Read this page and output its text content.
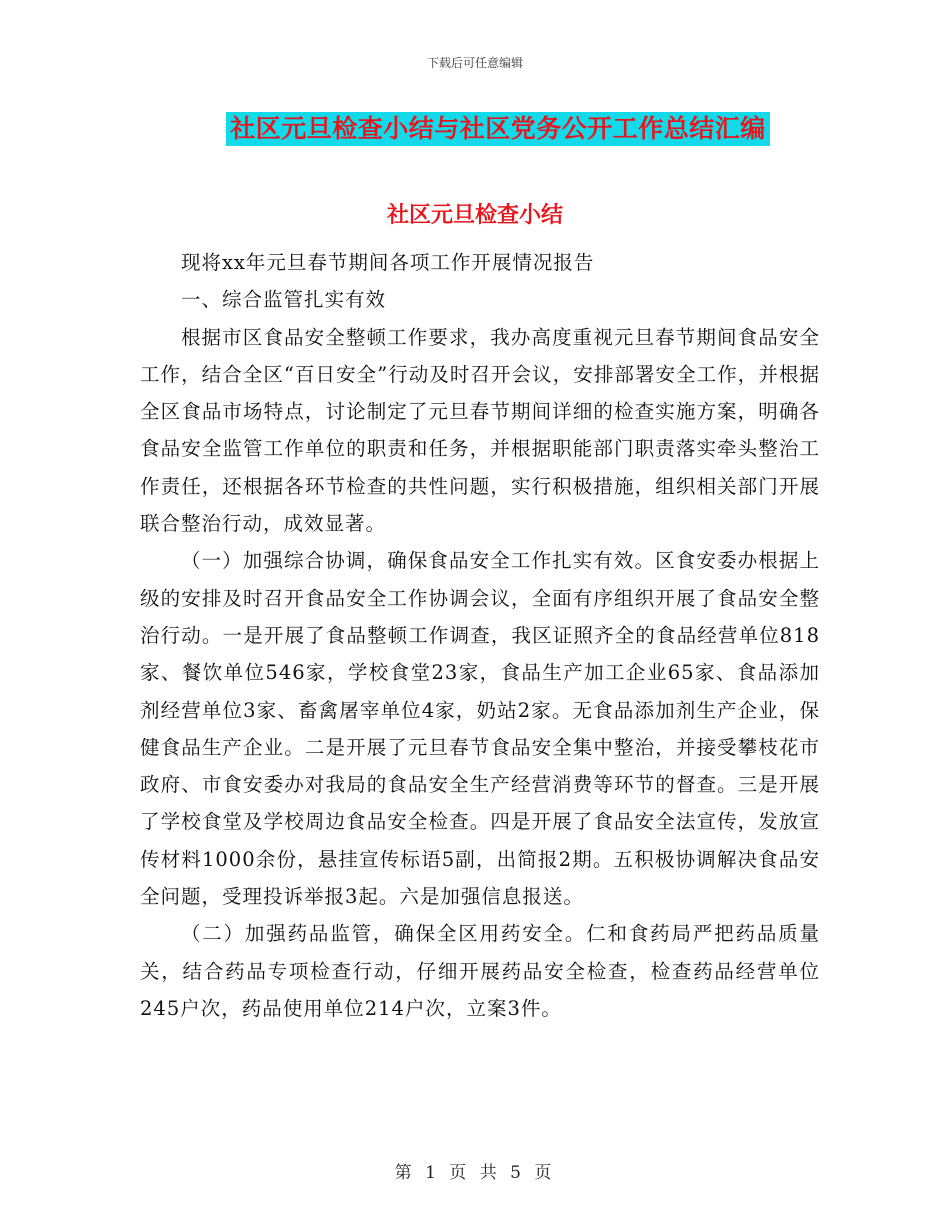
下载后可任意编辑
社区元旦检查小结与社区党务公开工作总结汇编
社区元旦检查小结

现将xx年元旦春节期间各项工作开展情况报告

一、综合监管扎实有效

根据市区食品安全整顿工作要求，我办高度重视元旦春节期间食品安全工作，结合全区“百日安全”行动及时召开会议，安排部署安全工作，并根据全区食品市场特点，讨论制定了元旦春节期间详细的检查实施方案，明确各食品安全监管工作单位的职责和任务，并根据职能部门职责落实牵头整治工作责任，还根据各环节检查的共性问题，实行积极措施，组织相关部门开展联合整治行动，成效显著。

（一）加强综合协调，确保食品安全工作扎实有效。区食安委办根据上级的安排及时召开食品安全工作协调会议，全面有序组织开展了食品安全整治行动。一是开展了食品整顿工作调查，我区证照齐全的食品经营单位818家、餐饮单位546家，学校食堂23家，食品生产加工企业65家、食品添加剂经营单位3家、畜禽屠宰单位4家，奶站2家。无食品添加剂生产企业，保健食品生产企业。二是开展了元旦春节食品安全集中整治，并接受攀枝花市政府、市食安委办对我局的食品安全生产经营消费等环节的督查。三是开展了学校食堂及学校周边食品安全检查。四是开展了食品安全法宣传，发放宣传材料1000余份，悬挂宣传标语5副，出简报2期。五积极协调解决食品安全问题，受理投诉举报3起。六是加强信息报送。

（二）加强药品监管，确保全区用药安全。仁和食药局严把药品质量关，结合药品专项检查行动，仔细开展药品安全检查，检查药品经营单位245户次，药品使用单位214户次，立案3件。

第 1 页 共 5 页
